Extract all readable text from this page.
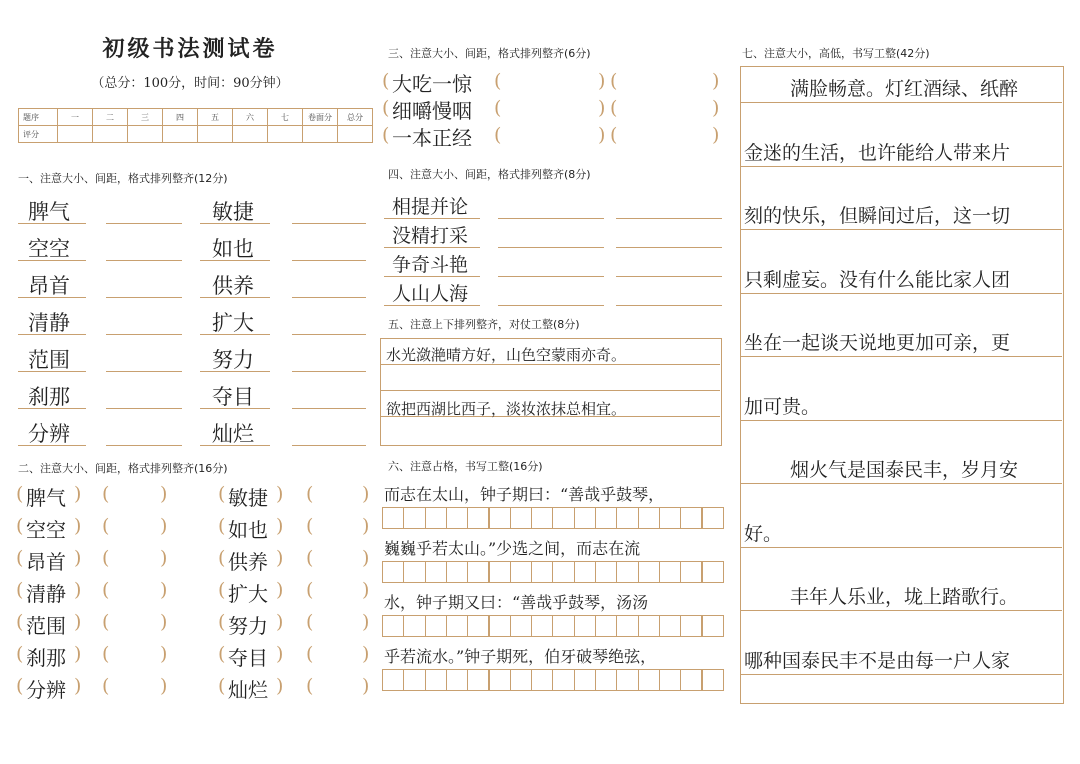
初级书法测试卷
（总分：100分，时间：90分钟）
题序	一	二	三	四	五	六	七	卷面分	总分
评分									
一、注意大小、间距，格式排列整齐(12分)
脾气	敏捷
空空	如也
昂首	供养
清静	扩大
范围	努力
刹那	夺目
分辨	灿烂
二、注意大小、间距，格式排列整齐(16分)
( 脾气 ) (	)	( 敏捷 ) (	)
( 空空 ) (	)	( 如也 ) (	)
( 昂首 ) (	)	( 供养 ) (	)
( 清静 ) (	)	( 扩大 ) (	)
( 范围 ) (	)	( 努力 ) (	)
( 刹那 ) (	)	( 夺目 ) (	)
( 分辨 ) (	)	( 灿烂 ) (	)
三、注意大小、间距，格式排列整齐(6分)
( 大吃一惊 (	) (	)
( 细嚼慢咽 (	) (	)
( 一本正经 (	) (	)
四、注意大小、间距，格式排列整齐(8分)
相提并论
没精打采
争奇斗艳
人山人海
五、注意上下排列整齐，对仗工整(8分)
水光潋滟晴方好，山色空蒙雨亦奇。
欲把西湖比西子，淡妆浓抹总相宜。
六、注意占格，书写工整(16分)
而志在太山，钟子期曰：“善哉乎鼓琴，
巍巍乎若太山。”少选之间，而志在流
水，钟子期又曰：“善哉乎鼓琴，汤汤
乎若流水。”钟子期死，伯牙破琴绝弦，
七、注意大小，高低，书写工整(42分)
满脸畅意。灯红酒绿、纸醉
金迷的生活，也许能给人带来片
刻的快乐，但瞬间过后，这一切
只剩虚妄。没有什么能比家人团
坐在一起谈天说地更加可亲，更
加可贵。
烟火气是国泰民丰，岁月安
好。
丰年人乐业，垅上踏歌行。
哪种国泰民丰不是由每一户人家
